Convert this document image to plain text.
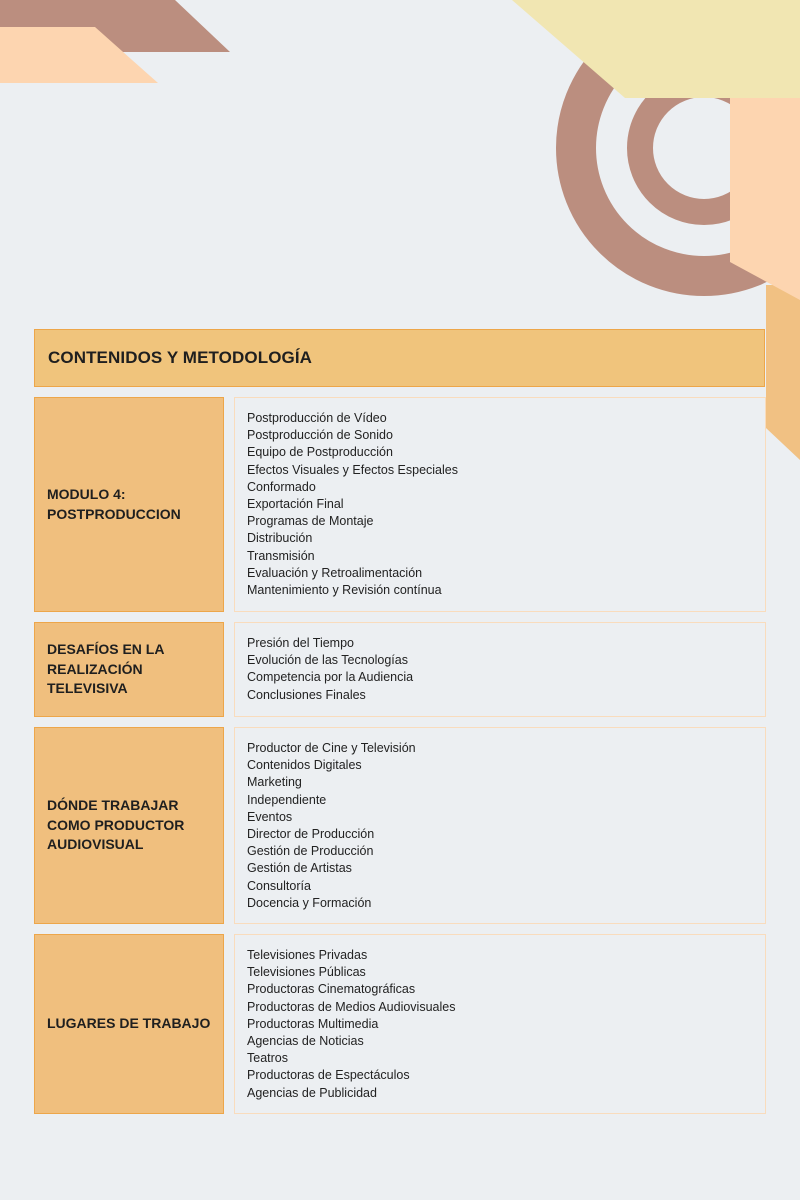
CONTENIDOS Y METODOLOGÍA
MODULO 4:
POSTPRODUCCION
Postproducción de Vídeo
Postproducción de Sonido
Equipo de Postproducción
Efectos Visuales y Efectos Especiales
Conformado
Exportación Final
Programas de Montaje
Distribución
Transmisión
Evaluación y Retroalimentación
Mantenimiento y Revisión contínua
DESAFÍOS EN LA
REALIZACIÓN
TELEVISIVA
Presión del Tiempo
Evolución de las Tecnologías
Competencia por la Audiencia
Conclusiones Finales
DÓNDE TRABAJAR
COMO PRODUCTOR
AUDIOVISUAL
Productor de Cine y Televisión
Contenidos Digitales
Marketing
Independiente
Eventos
Director de Producción
Gestión de Producción
Gestión de Artistas
Consultoría
Docencia y Formación
LUGARES DE TRABAJO
Televisiones Privadas
Televisiones Públicas
Productoras Cinematográficas
Productoras de Medios Audiovisuales
Productoras Multimedia
Agencias de Noticias
Teatros
Productoras de Espectáculos
Agencias de Publicidad
